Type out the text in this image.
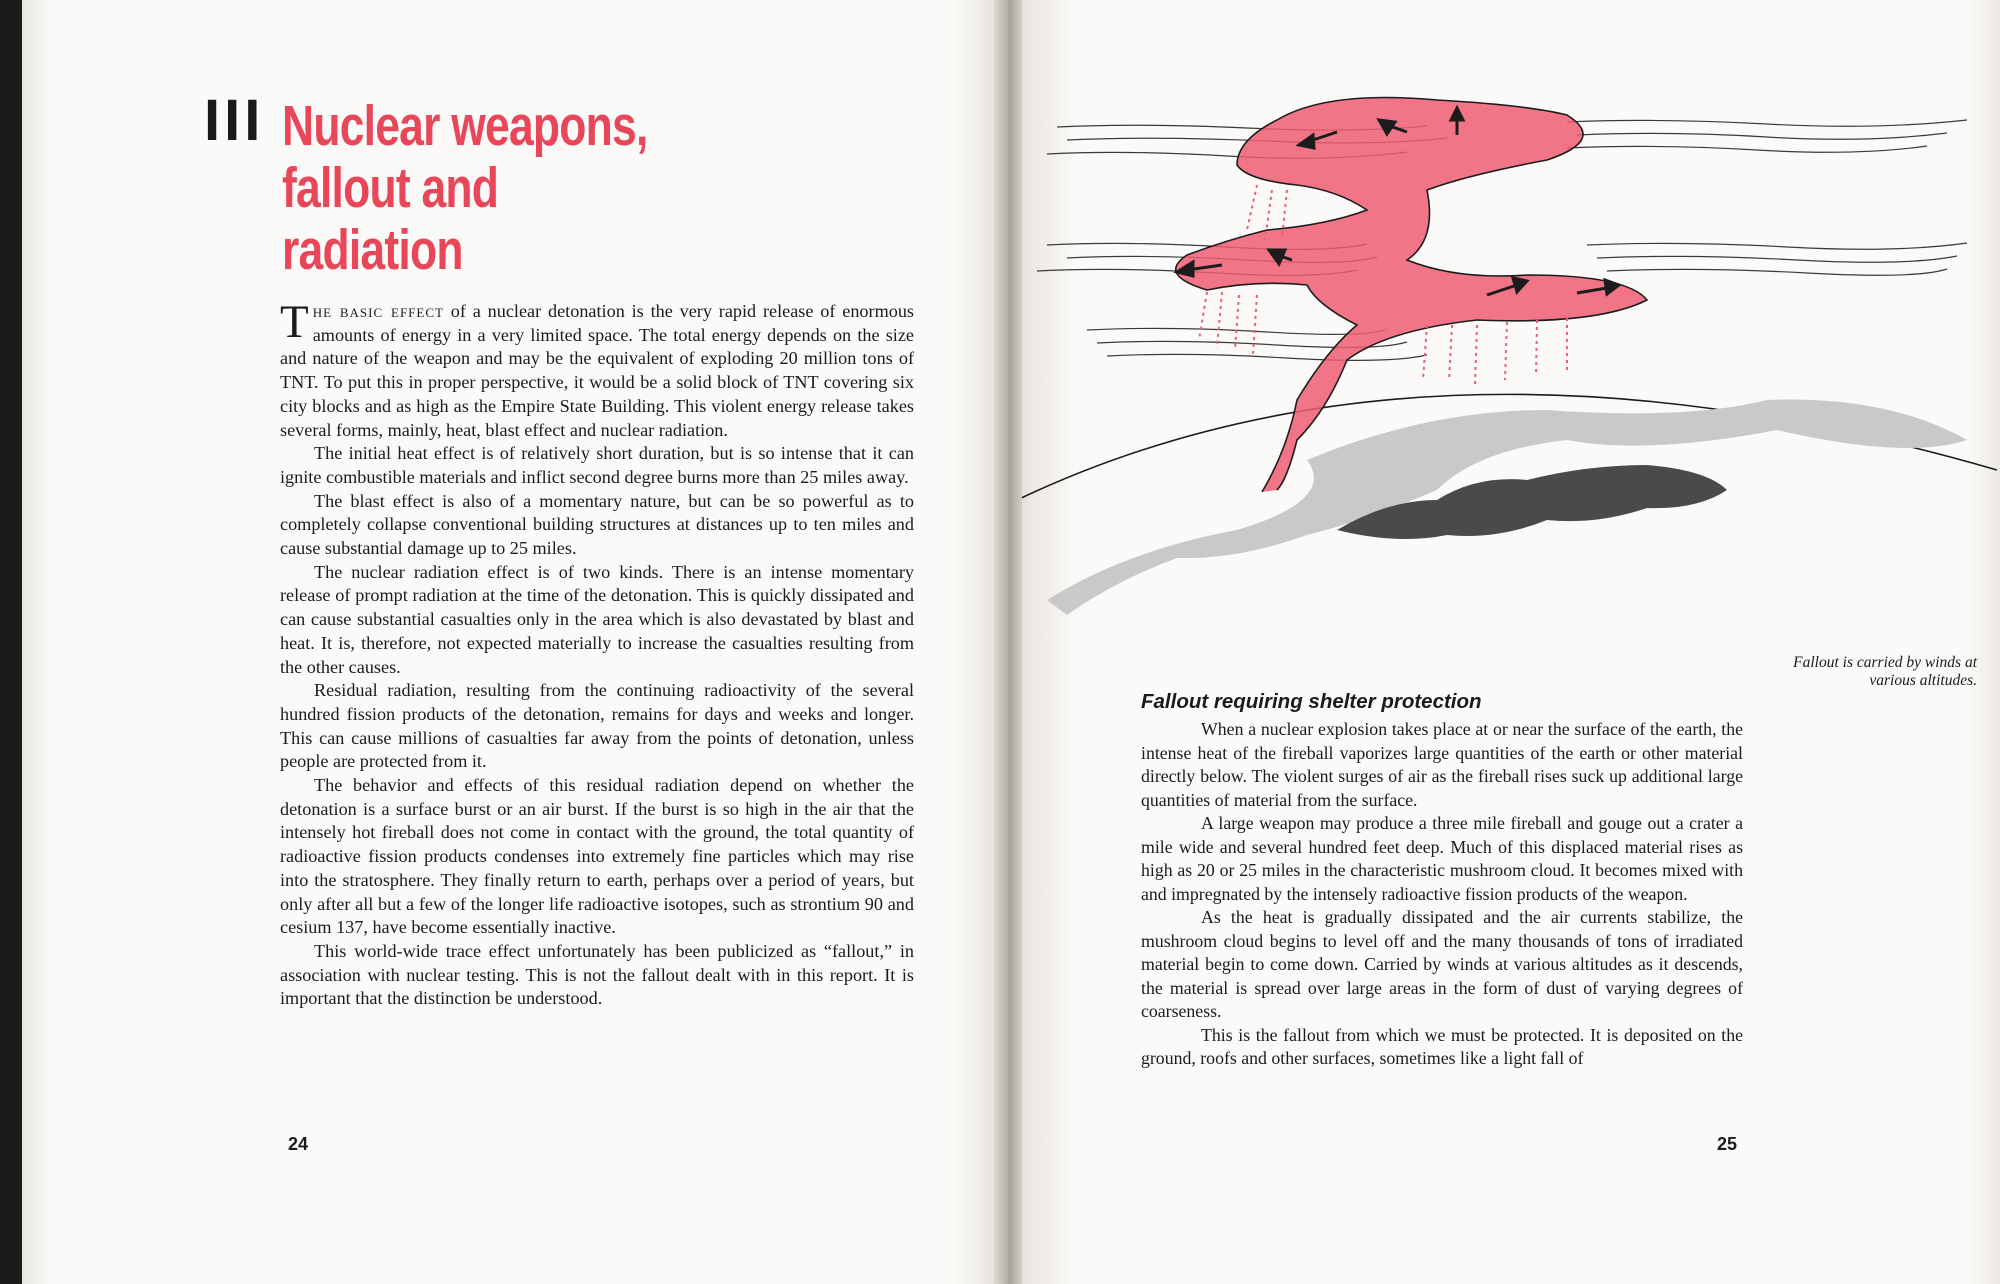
III Nuclear weapons,
fallout and radiation

The basic effect of a nuclear detonation is the very rapid release of enormous amounts of energy in a very limited space. The total energy depends on the size and nature of the weapon and may be the equivalent of exploding 20 million tons of TNT. To put this in proper perspective, it would be a solid block of TNT covering six city blocks and as high as the Empire State Building. This violent energy release takes several forms, mainly, heat, blast effect and nuclear radiation.

The initial heat effect is of relatively short duration, but is so intense that it can ignite combustible materials and inflict second degree burns more than 25 miles away.

The blast effect is also of a momentary nature, but can be so powerful as to completely collapse conventional building structures at distances up to ten miles and cause substantial damage up to 25 miles.

The nuclear radiation effect is of two kinds. There is an intense momentary release of prompt radiation at the time of the detonation. This is quickly dissipated and can cause substantial casualties only in the area which is also devastated by blast and heat. It is, therefore, not expected materially to increase the casualties resulting from the other causes.

Residual radiation, resulting from the continuing radioactivity of the several hundred fission products of the detonation, remains for days and weeks and longer. This can cause millions of casualties far away from the points of detonation, unless people are protected from it.

The behavior and effects of this residual radiation depend on whether the detonation is a surface burst or an air burst. If the burst is so high in the air that the intensely hot fireball does not come in contact with the ground, the total quantity of radioactive fission products condenses into extremely fine particles which may rise into the stratosphere. They finally return to earth, perhaps over a period of years, but only after all but a few of the longer life radioactive isotopes, such as strontium 90 and cesium 137, have become essentially inactive.

This world-wide trace effect unfortunately has been publicized as “fallout,” in association with nuclear testing. This is not the fallout dealt with in this report. It is important that the distinction be understood.

24
Fallout is carried by winds at various altitudes.
Fallout requiring shelter protection

When a nuclear explosion takes place at or near the surface of the earth, the intense heat of the fireball vaporizes large quantities of the earth or other material directly below. The violent surges of air as the fireball rises suck up additional large quantities of material from the surface.

A large weapon may produce a three mile fireball and gouge out a crater a mile wide and several hundred feet deep. Much of this displaced material rises as high as 20 or 25 miles in the characteristic mushroom cloud. It becomes mixed with and impregnated by the intensely radioactive fission products of the weapon.

As the heat is gradually dissipated and the air currents stabilize, the mushroom cloud begins to level off and the many thousands of tons of irradiated material begin to come down. Carried by winds at various altitudes as it descends, the material is spread over large areas in the form of dust of varying degrees of coarseness.

This is the fallout from which we must be protected. It is deposited on the ground, roofs and other surfaces, sometimes like a light fall of

25
